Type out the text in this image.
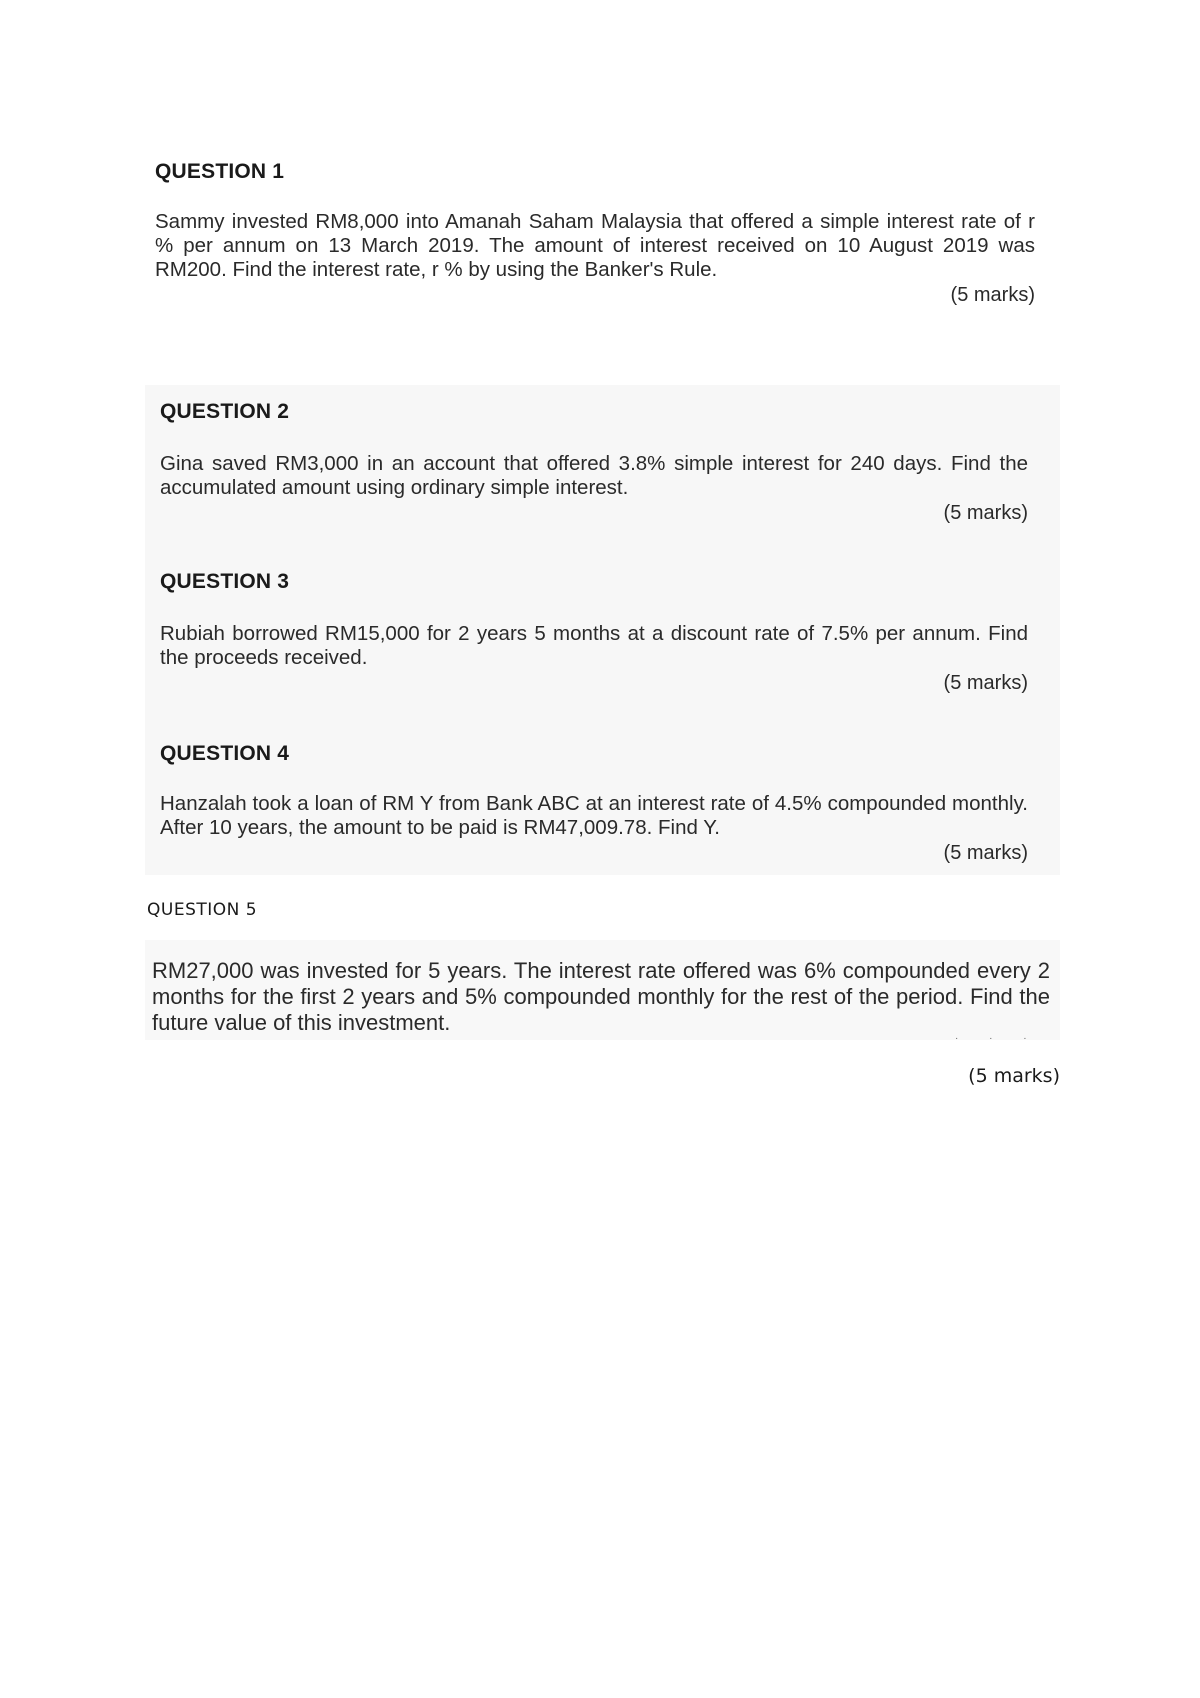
QUESTION 1
Sammy invested RM8,000 into Amanah Saham Malaysia that offered a simple interest rate of r % per annum on 13 March 2019. The amount of interest received on 10 August 2019 was RM200. Find the interest rate, r % by using the Banker's Rule.
(5 marks)
QUESTION 2
Gina saved RM3,000 in an account that offered 3.8% simple interest for 240 days. Find the accumulated amount using ordinary simple interest.
(5 marks)
QUESTION 3
Rubiah borrowed RM15,000 for 2 years 5 months at a discount rate of 7.5% per annum. Find the proceeds received.
(5 marks)
QUESTION 4
Hanzalah took a loan of RM Y from Bank ABC at an interest rate of 4.5% compounded monthly. After 10 years, the amount to be paid is RM47,009.78. Find Y.
(5 marks)
QUESTION 5
RM27,000 was invested for 5 years. The interest rate offered was 6% compounded every 2 months for the first 2 years and 5% compounded monthly for the rest of the period. Find the future value of this investment.
· · ·
(5 marks)
